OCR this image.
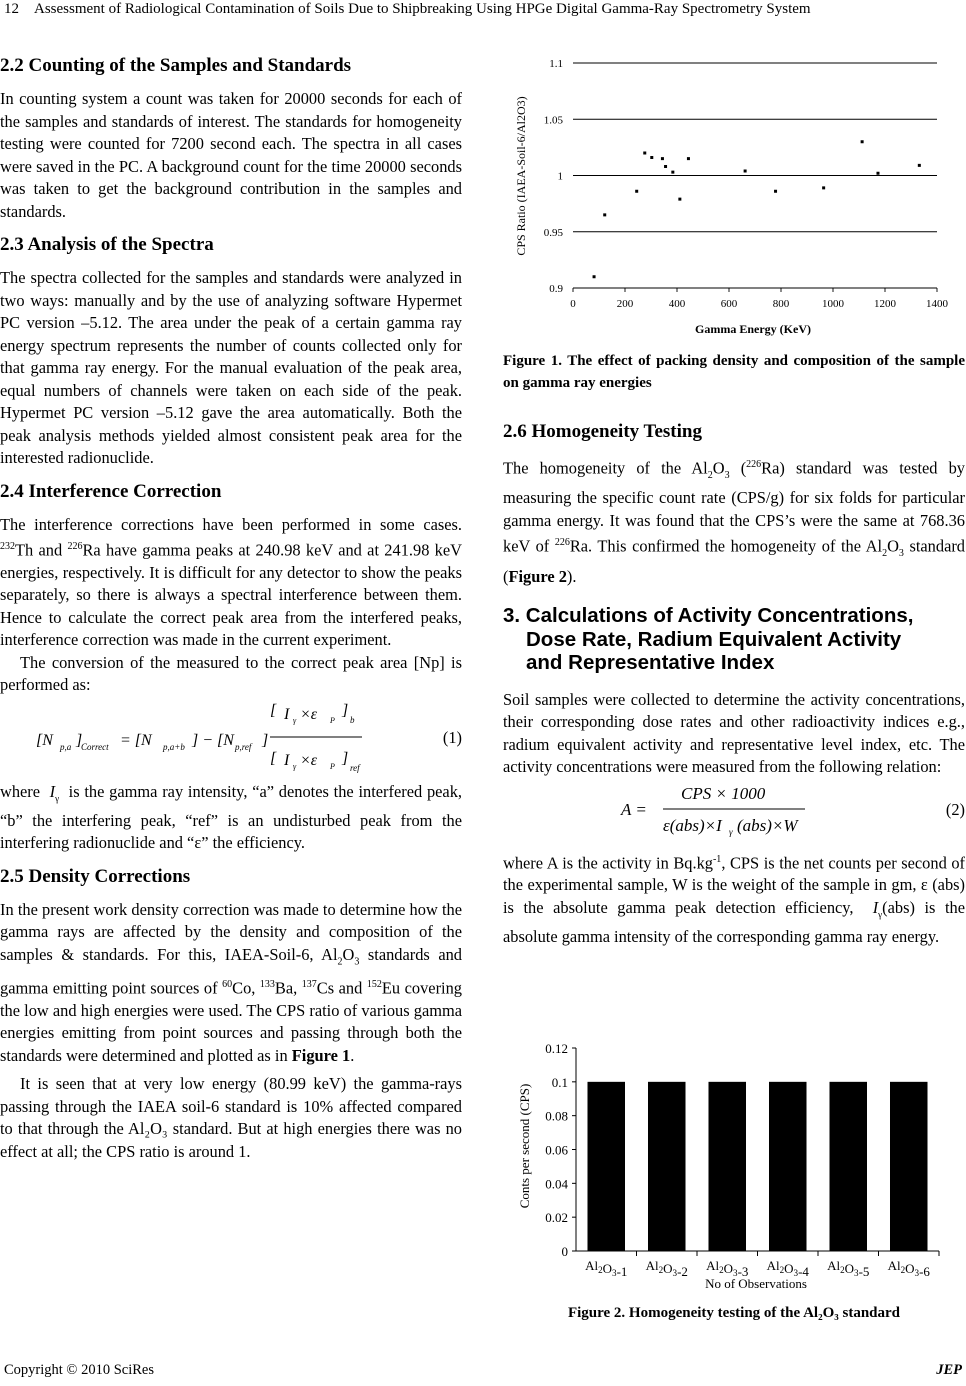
12 Assessment of Radiological Contamination of Soils Due to Shipbreaking Using HPGe Digital Gamma-Ray Spectrometry System
2.2 Counting of the Samples and Standards

In counting system a count was taken for 20000 seconds for each of the samples and standards of interest. The standards for homogeneity testing were counted for 7200 second each. The spectra in all cases were saved in the PC. A background count for the time 20000 seconds was taken to get the background contribution in the samples and standards.

2.3 Analysis of the Spectra

The spectra collected for the samples and standards were analyzed in two ways: manually and by the use of analyzing software Hypermet PC version –5.12. The area under the peak of a certain gamma ray energy spectrum represents the number of counts collected only for that gamma ray energy. For the manual evaluation of the peak area, equal numbers of channels were taken on each side of the peak. Hypermet PC version –5.12 gave the area automatically. Both the peak analysis methods yielded almost consistent peak area for the interested radionuclide.

2.4 Interference Correction

The interference corrections have been performed in some cases. $^{232}$Th and $^{226}$Ra have gamma peaks at 240.98 keV and at 241.98 keV energies, respectively. It is difficult for any detector to show the peaks separately, so there is always a spectral interference between them. Hence to calculate the correct peak area from the interfered peaks, interference correction was made in the current experiment.

The conversion of the measured to the correct peak area [Np] is performed as:

[N p,a ]
Correct = [N p,a+b ] − [N p,ref ]
[ I γ ×ε P
]
b
[ I γ ×ε P ]
ref
(1)

where $I_\gamma$ is the gamma ray intensity, “a” denotes the interfered peak, “b” the interfering peak, “ref” is an undisturbed peak from the interfering radionuclide and “ε” the efficiency.

2.5 Density Corrections

In the present work density correction was made to determine how the gamma rays are affected by the density and composition of the samples & standards. For this, IAEA-Soil-6, $Al_2O_3$ standards and gamma emitting point sources of $^{60}$Co, $^{133}$Ba, $^{137}$Cs and $^{152}$Eu covering the low and high energies were used. The CPS ratio of various gamma energies emitting from point sources and passing through both the standards were determined and plotted as in Figure 1.

It is seen that at very low energy (80.99 keV) the gamma-rays passing through the IAEA soil-6 standard is 10% affected compared to that through the Al₂O₃ standard. But at high energies there was no effect at all; the CPS ratio is around 1.

0.9
0.95
1
1.05
1.1
0	200	400	600	800	1000	1200	1400
Gamma Energy (KeV)
CPS Ratio (IAEA-Soil-6/Al2O3)
Figure 1. The effect of packing density and composition of the sample on gamma ray energies
2.6 Homogeneity Testing

The homogeneity of the $Al_2O_3$ ($^{226}$Ra) standard was tested by measuring the specific count rate (CPS/g) for six folds for particular gamma energy. It was found that the CPS’s were the same at 768.36 keV of $^{226}$Ra. This confirmed the homogeneity of the $Al_2O_3$ standard (Figure 2).

3. Calculations of Activity Concentrations,
Dose Rate, Radium Equivalent Activity
and Representative Index

Soil samples were collected to determine the activity concentrations, their corresponding dose rates and other radioactivity indices e.g., radium equivalent activity and representative level index, etc. The activity concentrations were measured from the following relation:

A =
CPS × 1000
ε(abs)×I γ (abs)×W
(2)

where A is the activity in $Bq.kg^{-1}$, CPS is the net counts per second of the experimental sample, W is the weight of the sample in gm, ε (abs) is the absolute gamma peak detection efficiency, $I_\gamma(abs)$ is the absolute gamma intensity of the corresponding gamma ray energy.

0
0.02
0.04
0.06
0.08
0.1
0.12
$Al_2O_3-1$ $Al_2O_3-2$ $Al_2O_3-3$ $Al_2O_3-4$ $Al_2O_3-5$ $Al_2O_3-6$
No of Observations
Conts per second (CPS)
Figure 2. Homogeneity testing of the Al₂O₃ standard
Copyright © 2010 SciRes	JEP
